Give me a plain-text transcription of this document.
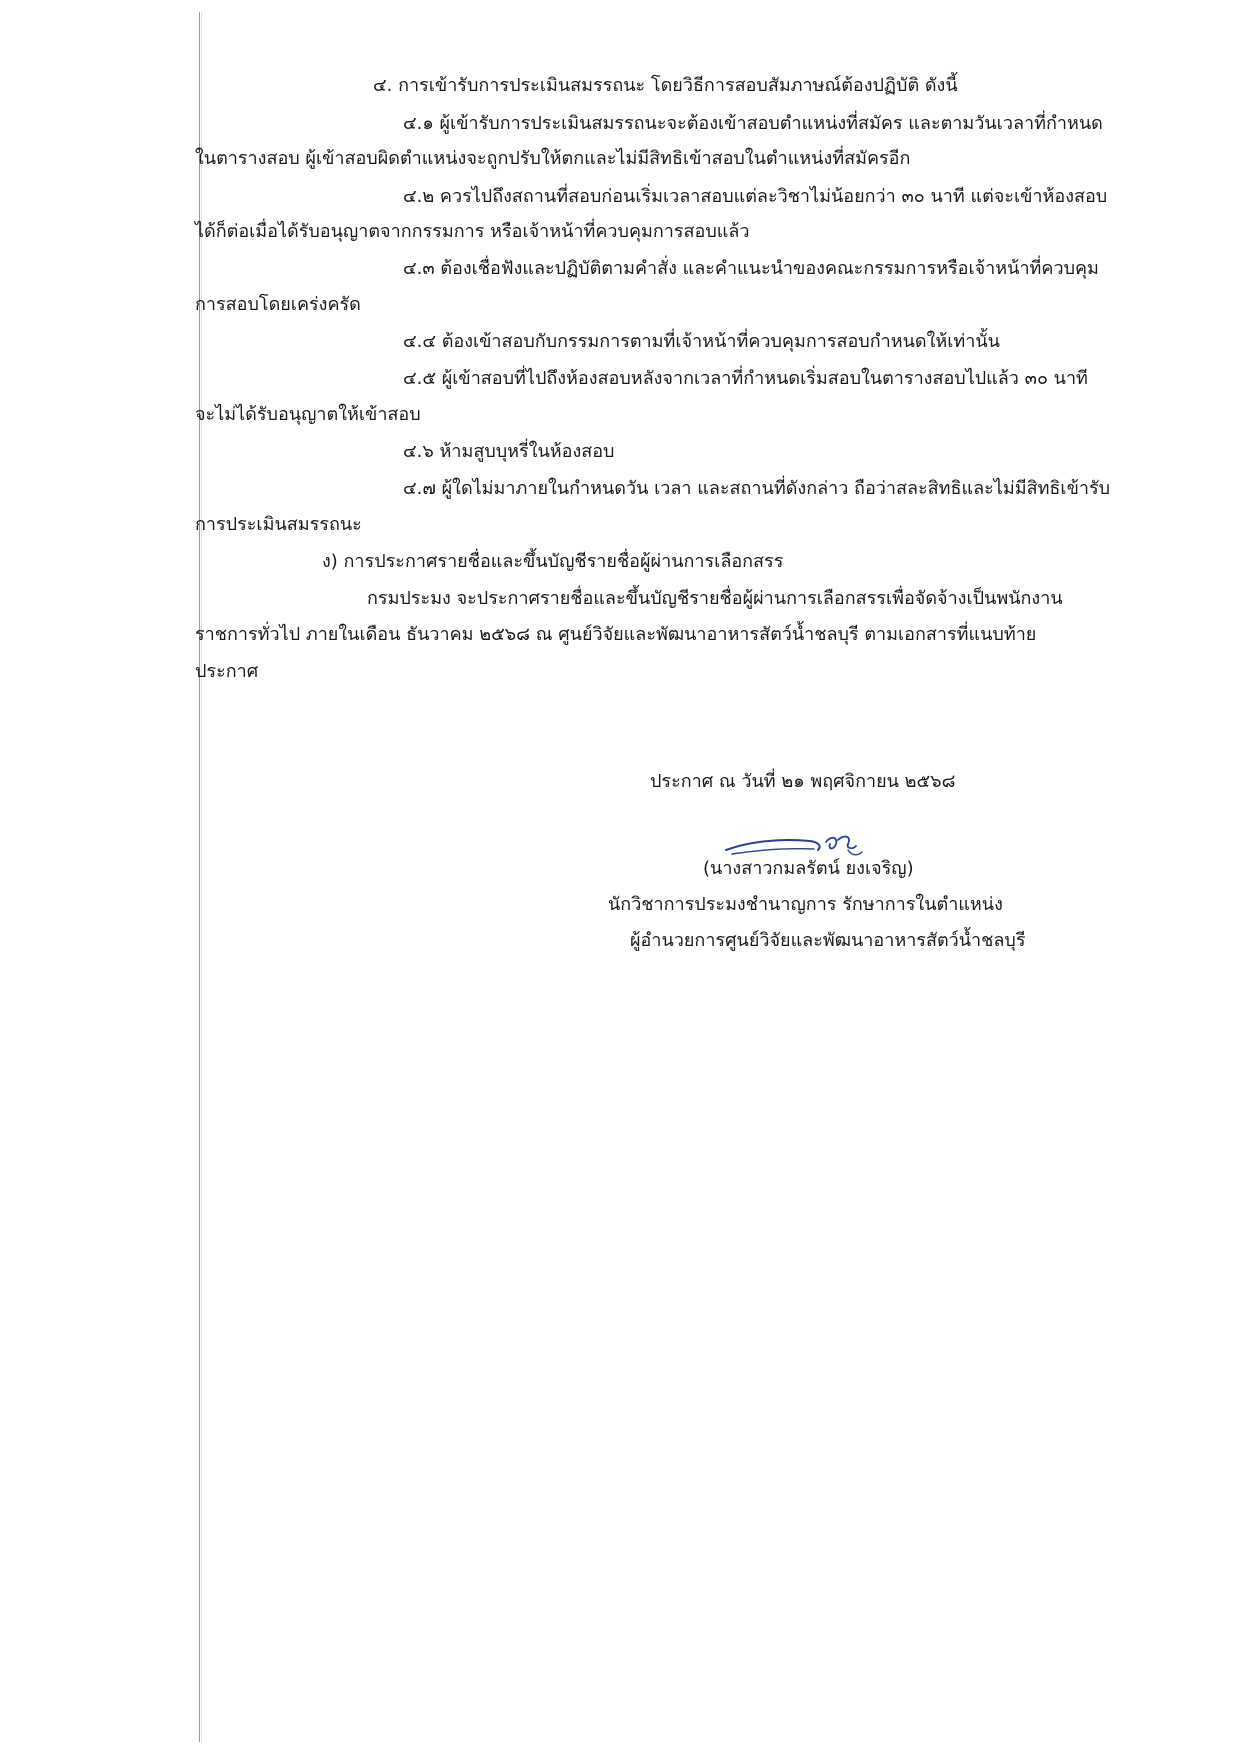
๔. การเข้ารับการประเมินสมรรถนะ โดยวิธีการสอบสัมภาษณ์ต้องปฏิบัติ ดังนี้

๔.๑ ผู้เข้ารับการประเมินสมรรถนะจะต้องเข้าสอบตำแหน่งที่สมัคร และตามวันเวลาที่กำหนด

ในตารางสอบ ผู้เข้าสอบผิดตำแหน่งจะถูกปรับให้ตกและไม่มีสิทธิเข้าสอบในตำแหน่งที่สมัครอีก

๔.๒ ควรไปถึงสถานที่สอบก่อนเริ่มเวลาสอบแต่ละวิชาไม่น้อยกว่า ๓๐ นาที แต่จะเข้าห้องสอบ

ได้ก็ต่อเมื่อได้รับอนุญาตจากกรรมการ หรือเจ้าหน้าที่ควบคุมการสอบแล้ว

๔.๓ ต้องเชื่อฟังและปฏิบัติตามคำสั่ง และคำแนะนำของคณะกรรมการหรือเจ้าหน้าที่ควบคุม

การสอบโดยเคร่งครัด

๔.๔ ต้องเข้าสอบกับกรรมการตามที่เจ้าหน้าที่ควบคุมการสอบกำหนดให้เท่านั้น

๔.๕ ผู้เข้าสอบที่ไปถึงห้องสอบหลังจากเวลาที่กำหนดเริ่มสอบในตารางสอบไปแล้ว ๓๐ นาที

จะไม่ได้รับอนุญาตให้เข้าสอบ

๔.๖ ห้ามสูบบุหรี่ในห้องสอบ

๔.๗ ผู้ใดไม่มาภายในกำหนดวัน เวลา และสถานที่ดังกล่าว ถือว่าสละสิทธิและไม่มีสิทธิเข้ารับ

การประเมินสมรรถนะ

ง) การประกาศรายชื่อและขึ้นบัญชีรายชื่อผู้ผ่านการเลือกสรร

กรมประมง จะประกาศรายชื่อและขึ้นบัญชีรายชื่อผู้ผ่านการเลือกสรรเพื่อจัดจ้างเป็นพนักงาน

ราชการทั่วไป ภายในเดือน ธันวาคม ๒๕๖๘ ณ ศูนย์วิจัยและพัฒนาอาหารสัตว์น้ำชลบุรี ตามเอกสารที่แนบท้าย

ประกาศ

ประกาศ ณ วันที่ ๒๑ พฤศจิกายน ๒๕๖๘

(นางสาวกมลรัตน์ ยงเจริญ)

นักวิชาการประมงชำนาญการ รักษาการในตำแหน่ง

ผู้อำนวยการศูนย์วิจัยและพัฒนาอาหารสัตว์น้ำชลบุรี
